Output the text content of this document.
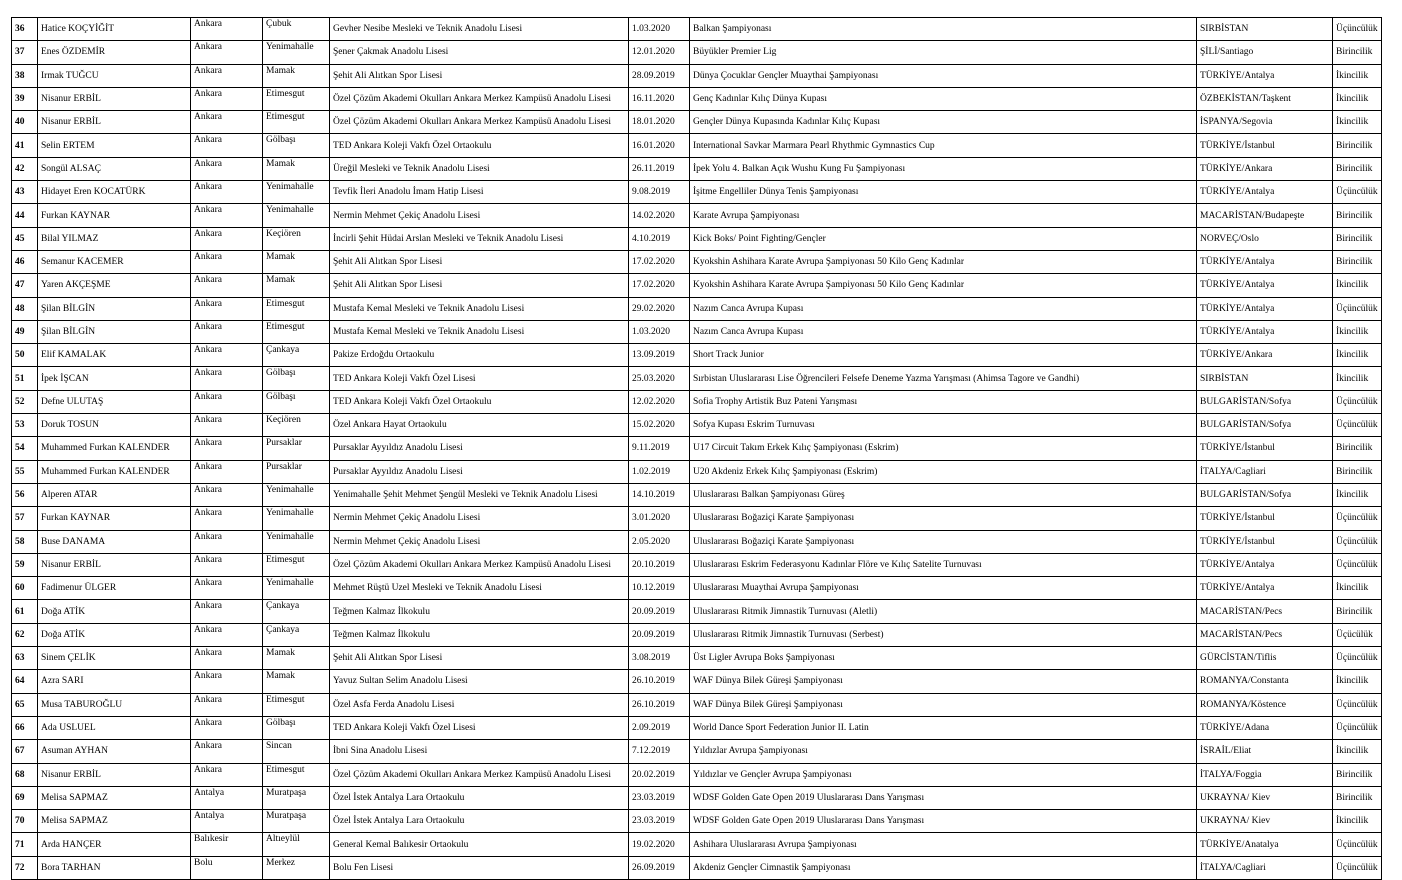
36	Hatice KOÇYİĞİT	Ankara	Çubuk	Gevher Nesibe Mesleki ve Teknik Anadolu Lisesi	1.03.2020	Balkan Şampiyonası	SIRBİSTAN	Üçüncülük
37	Enes ÖZDEMİR	Ankara	Yenimahalle	Şener Çakmak Anadolu Lisesi	12.01.2020	Büyükler Premier Lig	ŞİLİ/Santiago	Birincilik
38	Irmak TUĞCU	Ankara	Mamak	Şehit Ali Alıtkan Spor Lisesi	28.09.2019	Dünya Çocuklar Gençler Muaythai Şampiyonası	TÜRKİYE/Antalya	İkincilik
39	Nisanur ERBİL	Ankara	Etimesgut	Özel Çözüm Akademi Okulları Ankara Merkez Kampüsü Anadolu Lisesi	16.11.2020	Genç Kadınlar Kılıç Dünya Kupası	ÖZBEKİSTAN/Taşkent	İkincilik
40	Nisanur ERBİL	Ankara	Etimesgut	Özel Çözüm Akademi Okulları Ankara Merkez Kampüsü Anadolu Lisesi	18.01.2020	Gençler Dünya Kupasında Kadınlar Kılıç Kupası	İSPANYA/Segovia	İkincilik
41	Selin ERTEM	Ankara	Gölbaşı	TED Ankara Koleji Vakfı Özel Ortaokulu	16.01.2020	International Savkar Marmara Pearl Rhythmic Gymnastics Cup	TÜRKİYE/İstanbul	Birincilik
42	Songül ALSAÇ	Ankara	Mamak	Üreğil Mesleki ve Teknik Anadolu Lisesi	26.11.2019	İpek Yolu 4. Balkan Açık Wushu Kung Fu Şampiyonası	TÜRKİYE/Ankara	Birincilik
43	Hidayet Eren KOCATÜRK	Ankara	Yenimahalle	Tevfik İleri Anadolu İmam Hatip Lisesi	9.08.2019	İşitme Engelliler Dünya Tenis Şampiyonası	TÜRKİYE/Antalya	Üçüncülük
44	Furkan KAYNAR	Ankara	Yenimahalle	Nermin Mehmet Çekiç Anadolu Lisesi	14.02.2020	Karate Avrupa Şampiyonası	MACARİSTAN/Budapeşte	Birincilik
45	Bilal YILMAZ	Ankara	Keçiören	İncirli Şehit Hüdai Arslan Mesleki ve Teknik Anadolu Lisesi	4.10.2019	Kick Boks/ Point Fighting/Gençler	NORVEÇ/Oslo	Birincilik
46	Semanur KACEMER	Ankara	Mamak	Şehit Ali Alıtkan Spor Lisesi	17.02.2020	Kyokshin Ashihara Karate Avrupa Şampiyonası 50 Kilo Genç Kadınlar	TÜRKİYE/Antalya	Birincilik
47	Yaren AKÇEŞME	Ankara	Mamak	Şehit Ali Alıtkan Spor Lisesi	17.02.2020	Kyokshin Ashihara Karate Avrupa Şampiyonası 50 Kilo Genç Kadınlar	TÜRKİYE/Antalya	İkincilik
48	Şilan BİLGİN	Ankara	Etimesgut	Mustafa Kemal Mesleki ve Teknik Anadolu Lisesi	29.02.2020	Nazım Canca Avrupa Kupası	TÜRKİYE/Antalya	Üçüncülük
49	Şilan BİLGİN	Ankara	Etimesgut	Mustafa Kemal Mesleki ve Teknik Anadolu Lisesi	1.03.2020	Nazım Canca Avrupa Kupası	TÜRKİYE/Antalya	İkincilik
50	Elif KAMALAK	Ankara	Çankaya	Pakize Erdoğdu Ortaokulu	13.09.2019	Short Track Junior	TÜRKİYE/Ankara	İkincilik
51	İpek İŞCAN	Ankara	Gölbaşı	TED Ankara Koleji Vakfı Özel Lisesi	25.03.2020	Sırbistan Uluslararası Lise Öğrencileri Felsefe Deneme Yazma Yarışması (Ahimsa Tagore ve Gandhi)	SIRBİSTAN	İkincilik
52	Defne ULUTAŞ	Ankara	Gölbaşı	TED Ankara Koleji Vakfı Özel Ortaokulu	12.02.2020	Sofia Trophy Artistik Buz Pateni Yarışması	BULGARİSTAN/Sofya	Üçüncülük
53	Doruk TOSUN	Ankara	Keçiören	Özel Ankara Hayat Ortaokulu	15.02.2020	Sofya Kupası Eskrim Turnuvası	BULGARİSTAN/Sofya	Üçüncülük
54	Muhammed Furkan KALENDER	Ankara	Pursaklar	Pursaklar Ayyıldız Anadolu Lisesi	9.11.2019	U17 Circuit Takım Erkek Kılıç Şampiyonası (Eskrim)	TÜRKİYE/İstanbul	Birincilik
55	Muhammed Furkan KALENDER	Ankara	Pursaklar	Pursaklar Ayyıldız Anadolu Lisesi	1.02.2019	U20 Akdeniz Erkek Kılıç Şampiyonası (Eskrim)	İTALYA/Cagliari	Birincilik
56	Alperen ATAR	Ankara	Yenimahalle	Yenimahalle Şehit Mehmet Şengül Mesleki ve Teknik Anadolu Lisesi	14.10.2019	Uluslararası Balkan Şampiyonası Güreş	BULGARİSTAN/Sofya	İkincilik
57	Furkan KAYNAR	Ankara	Yenimahalle	Nermin Mehmet Çekiç Anadolu Lisesi	3.01.2020	Uluslararası Boğaziçi Karate Şampiyonası	TÜRKİYE/İstanbul	Üçüncülük
58	Buse DANAMA	Ankara	Yenimahalle	Nermin Mehmet Çekiç Anadolu Lisesi	2.05.2020	Uluslararası Boğaziçi Karate Şampiyonası	TÜRKİYE/İstanbul	Üçüncülük
59	Nisanur ERBİL	Ankara	Etimesgut	Özel Çözüm Akademi Okulları Ankara Merkez Kampüsü Anadolu Lisesi	20.10.2019	Uluslararası Eskrim Federasyonu Kadınlar Flöre ve Kılıç Satelite Turnuvası	TÜRKİYE/Antalya	Üçüncülük
60	Fadimenur ÜLGER	Ankara	Yenimahalle	Mehmet Rüştü Uzel Mesleki ve Teknik Anadolu Lisesi	10.12.2019	Uluslararası Muaythai Avrupa Şampiyonası	TÜRKİYE/Antalya	İkincilik
61	Doğa ATİK	Ankara	Çankaya	Teğmen Kalmaz İlkokulu	20.09.2019	Uluslararası Ritmik Jimnastik Turnuvası (Aletli)	MACARİSTAN/Pecs	Birincilik
62	Doğa ATİK	Ankara	Çankaya	Teğmen Kalmaz İlkokulu	20.09.2019	Uluslararası Ritmik Jimnastik Turnuvası (Serbest)	MACARİSTAN/Pecs	Üçücülük
63	Sinem ÇELİK	Ankara	Mamak	Şehit Ali Alıtkan Spor Lisesi	3.08.2019	Üst Ligler Avrupa Boks Şampiyonası	GÜRCİSTAN/Tiflis	Üçüncülük
64	Azra SARI	Ankara	Mamak	Yavuz Sultan Selim Anadolu Lisesi	26.10.2019	WAF Dünya Bilek Güreşi Şampiyonası	ROMANYA/Constanta	İkincilik
65	Musa TABUROĞLU	Ankara	Etimesgut	Özel Asfa Ferda Anadolu Lisesi	26.10.2019	WAF Dünya Bilek Güreşi Şampiyonası	ROMANYA/Köstence	Üçüncülük
66	Ada USLUEL	Ankara	Gölbaşı	TED Ankara Koleji Vakfı Özel Lisesi	2.09.2019	World Dance Sport Federation Junior II. Latin	TÜRKİYE/Adana	Üçüncülük
67	Asuman AYHAN	Ankara	Sincan	İbni Sina Anadolu Lisesi	7.12.2019	Yıldızlar Avrupa Şampiyonası	İSRAİL/Eliat	İkincilik
68	Nisanur ERBİL	Ankara	Etimesgut	Özel Çözüm Akademi Okulları Ankara Merkez Kampüsü Anadolu Lisesi	20.02.2019	Yıldızlar ve Gençler Avrupa Şampiyonası	İTALYA/Foggia	Birincilik
69	Melisa SAPMAZ	Antalya	Muratpaşa	Özel İstek Antalya Lara Ortaokulu	23.03.2019	WDSF Golden Gate Open 2019 Uluslararası Dans Yarışması	UKRAYNA/ Kiev	Birincilik
70	Melisa SAPMAZ	Antalya	Muratpaşa	Özel İstek Antalya Lara Ortaokulu	23.03.2019	WDSF Golden Gate Open 2019 Uluslararası Dans Yarışması	UKRAYNA/ Kiev	İkincilik
71	Arda HANÇER	Balıkesir	Altıeylül	General Kemal Balıkesir Ortaokulu	19.02.2020	Ashihara Uluslararası Avrupa Şampiyonası	TÜRKİYE/Anatalya	Üçüncülük
72	Bora TARHAN	Bolu	Merkez	Bolu Fen Lisesi	26.09.2019	Akdeniz Gençler Cimnastik Şampiyonası	İTALYA/Cagliari	Üçüncülük
